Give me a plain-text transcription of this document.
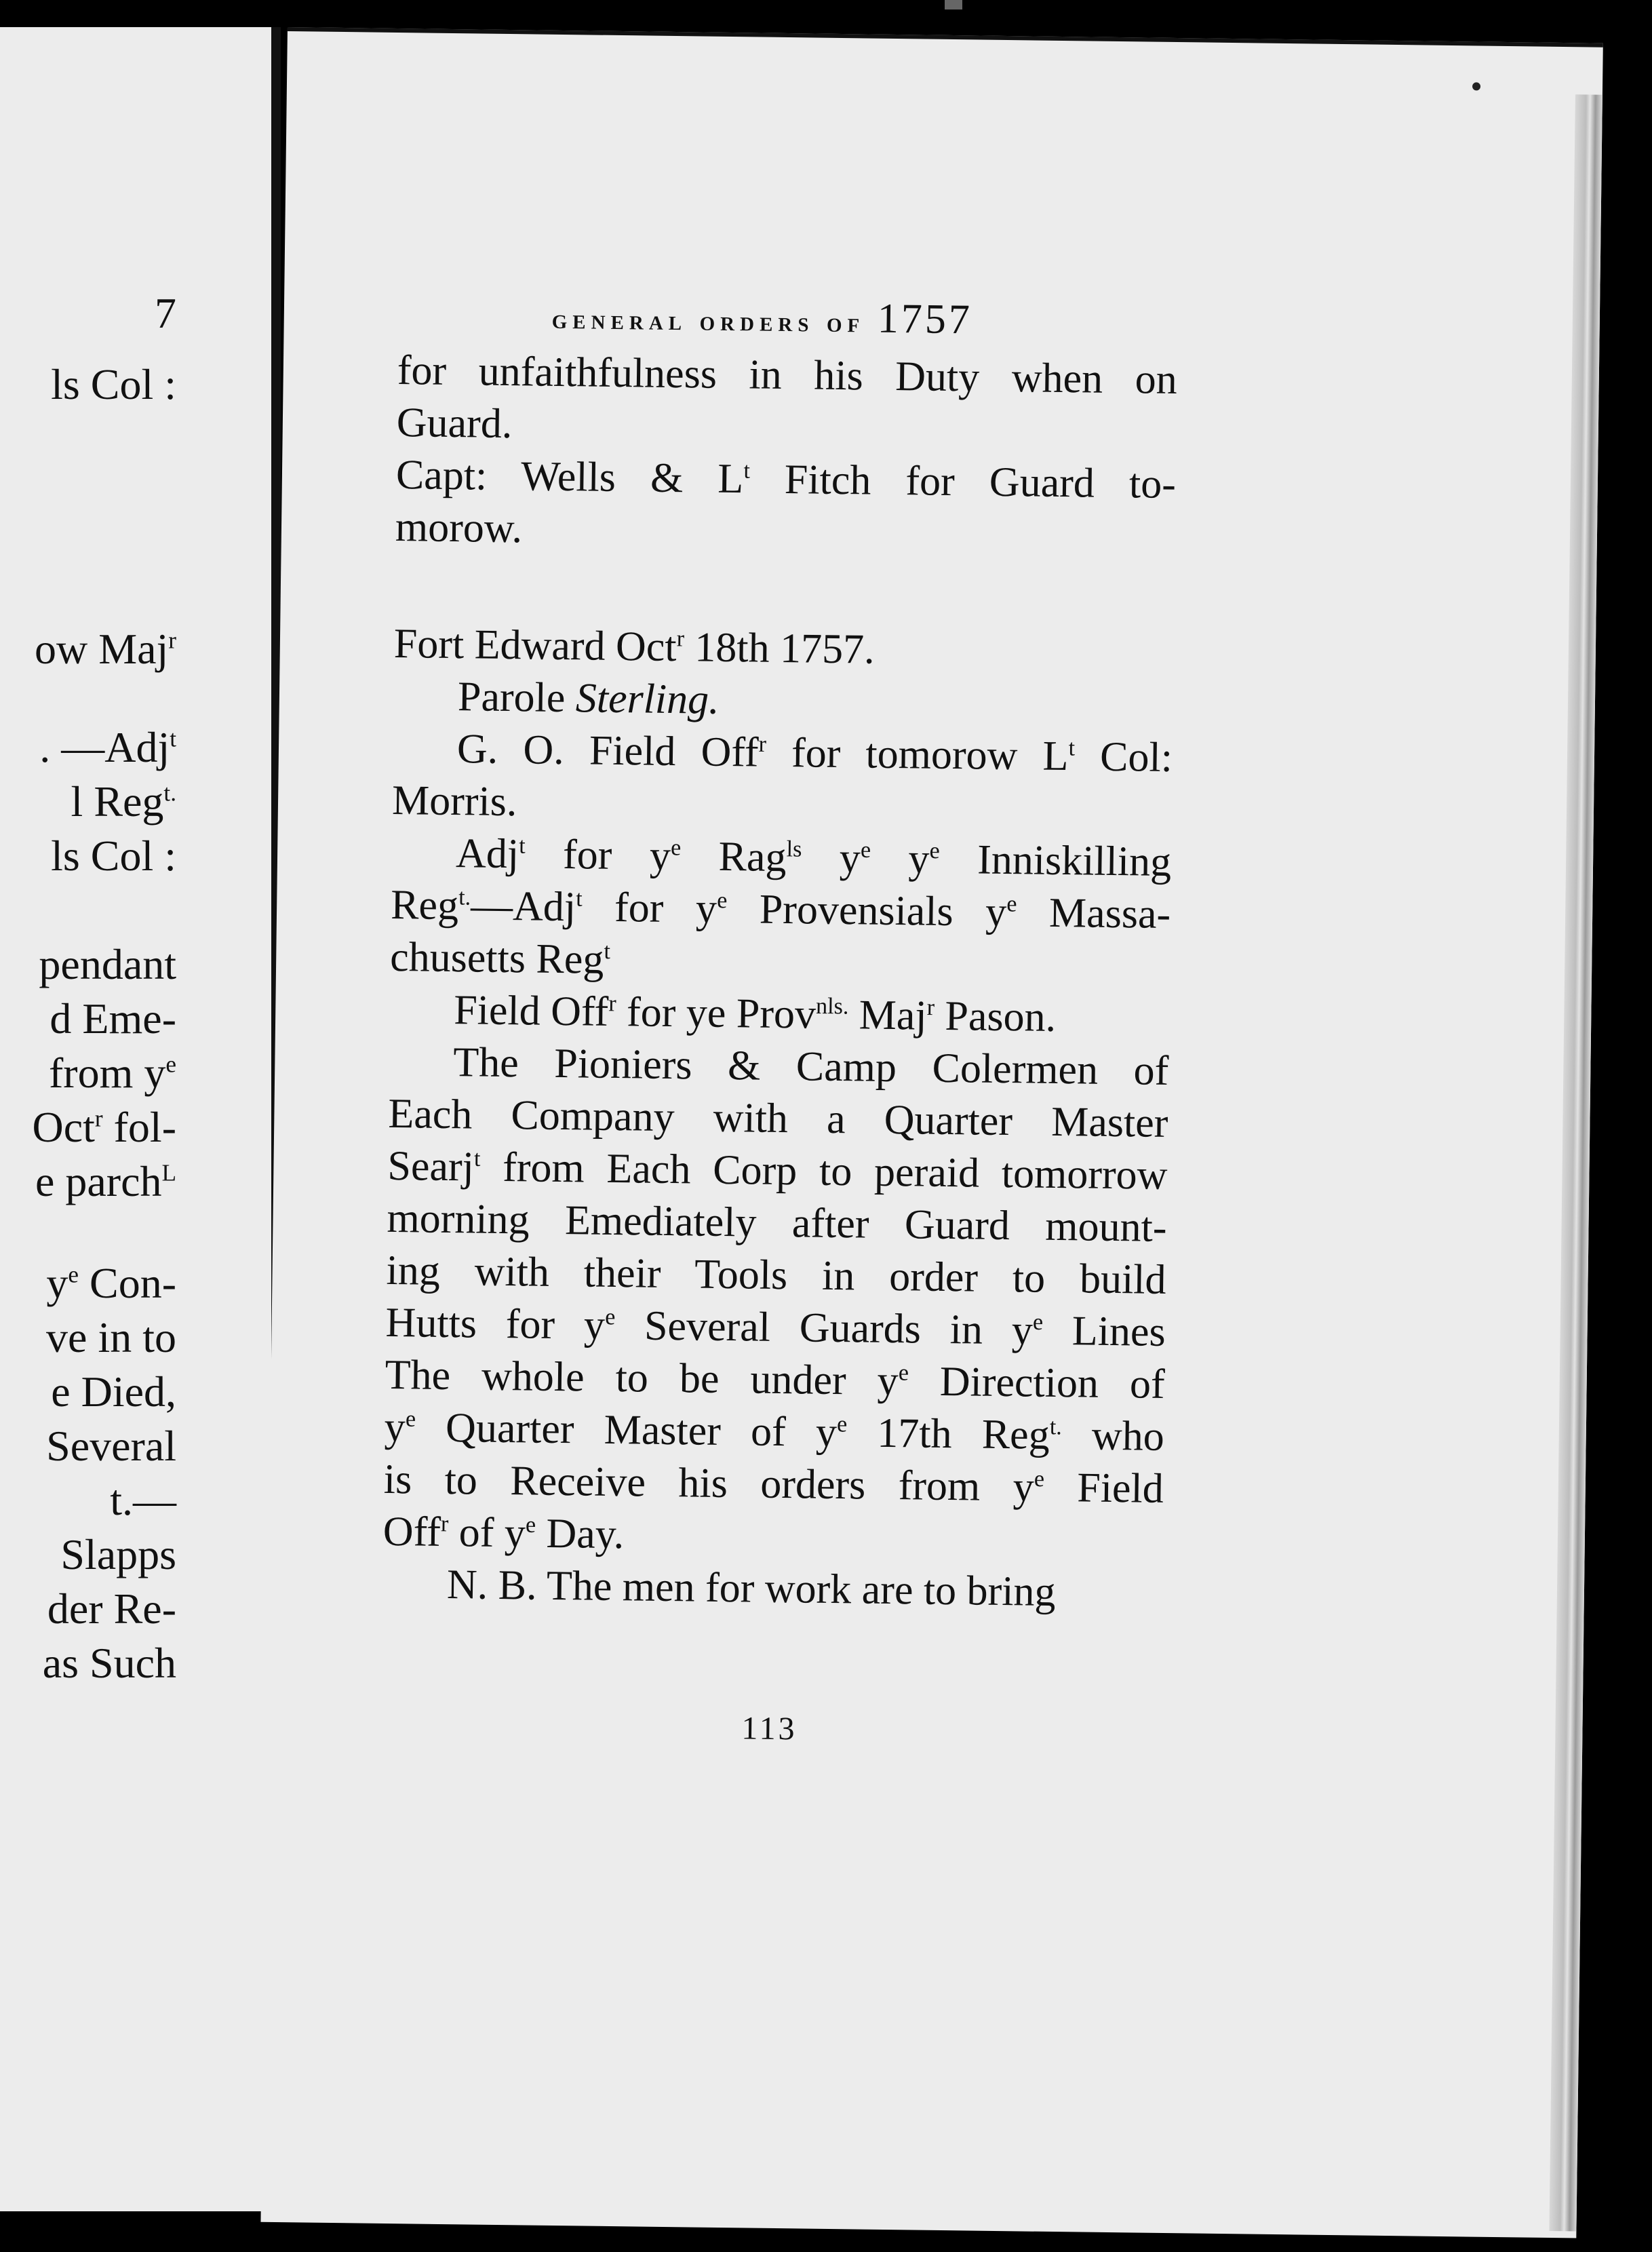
7
ls Col :
ow Maj$^r$
. —Adj$^t$
l Reg$^{t.}$
ls Col :
pendant
d Eme-
from $y^e$
Oct$^r$ fol-
e parch$^L$
$y^e$ Con-
ve in to
e Died,
Several
t.—
Slapps
der Re-
as Such
general orders of 1757
for unfaithfulness in his Duty when on
Guard.
Capt: Wells & $L^t$ Fitch for Guard to-
morow.
Fort Edward Oct$^r$ 18th 1757.
Parole Sterling.
G. O. Field Off$^r$ for tomorow $L^t$ Col:
Morris.
Adj$^t$ for $y^e$ Rag$^{ls}$ $y^e$ $y^e$ Inniskilling
Reg$^{t.}$—Adj$^t$ for $y^e$ Provensials $y^e$ Massa-
chusetts Reg$^t$
Field Off$^r$ for ye Prov$^{nls.}$ Maj$^r$ Pason.
The Pioniers & Camp Colermen of
Each Company with a Quarter Master
Searj$^t$ from Each Corp to peraid tomorrow
morning Emediately after Guard mount-
ing with their Tools in order to build
Hutts for $y^e$ Several Guards in $y^e$ Lines
The whole to be under $y^e$ Direction of
$y^e$ Quarter Master of $y^e$ 17th Reg$^{t.}$ who
is to Receive his orders from $y^e$ Field
Off$^r$ of $y^e$ Day.
N. B. The men for work are to bring
113
